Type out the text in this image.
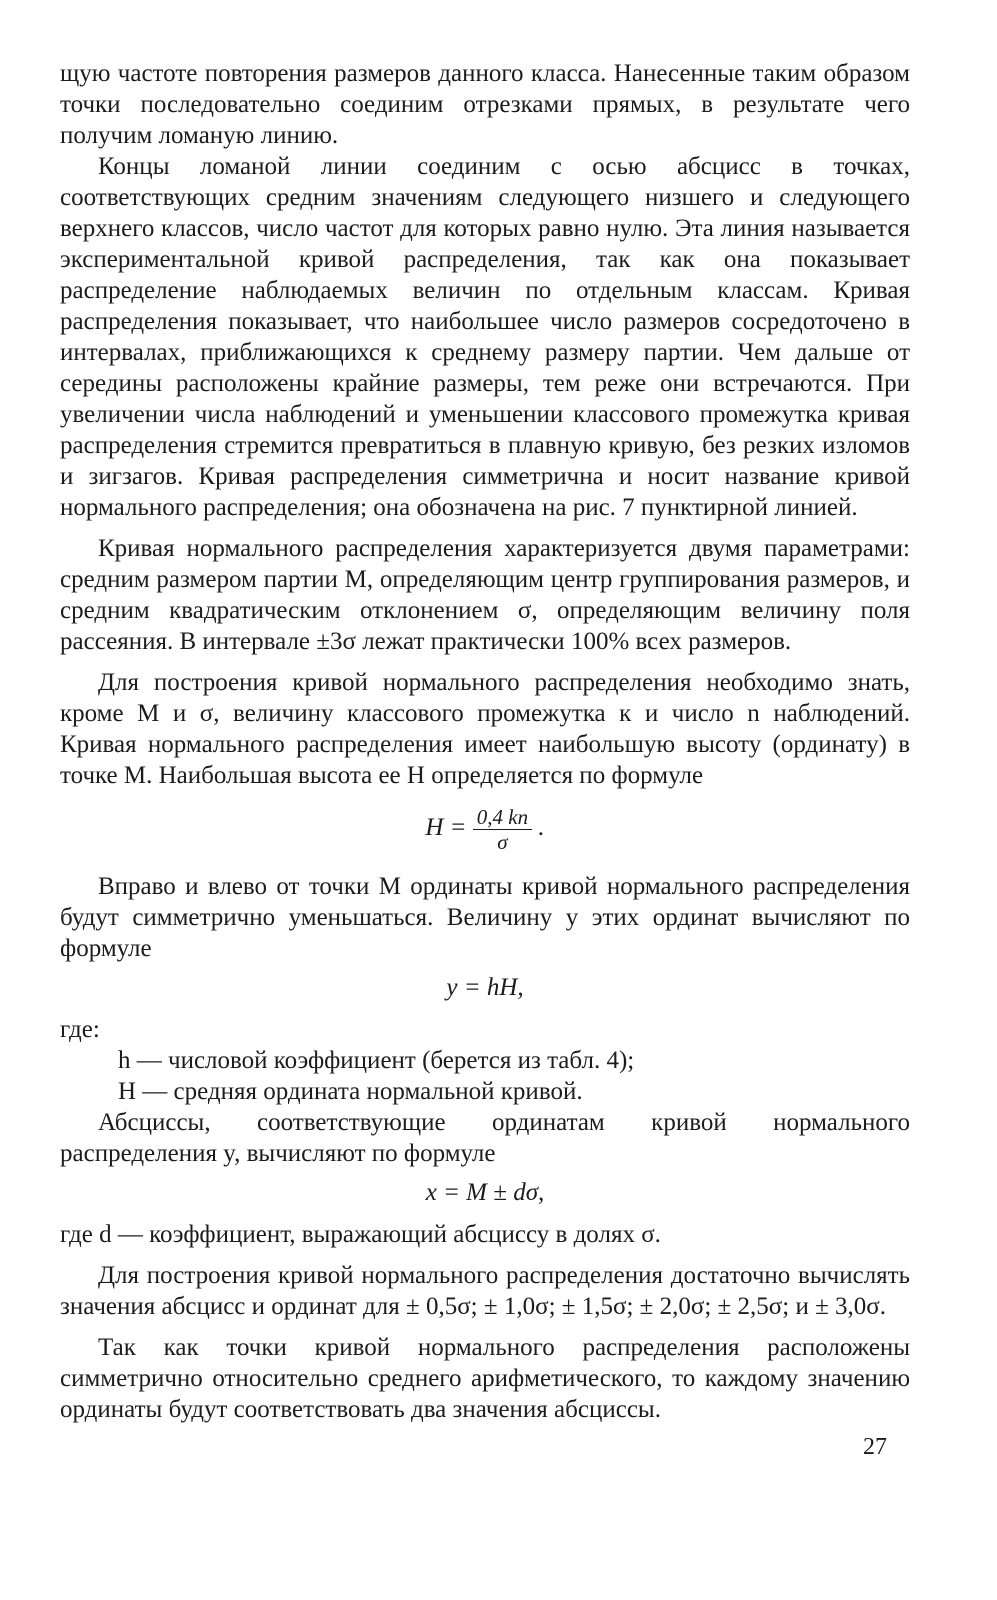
щую частоте повторения размеров данного класса. Нанесенные таким образом точки последовательно соединим отрезками прямых, в результате чего получим ломаную линию.

Концы ломаной линии соединим с осью абсцисс в точках, соответствующих средним значениям следующего низшего и следующего верхнего классов, число частот для которых равно нулю. Эта линия называется экспериментальной кривой распределения, так как она показывает распределение наблюдаемых величин по отдельным классам. Кривая распределения показывает, что наибольшее число размеров сосредоточено в интервалах, приближающихся к среднему размеру партии. Чем дальше от середины расположены крайние размеры, тем реже они встречаются. При увеличении числа наблюдений и уменьшении классового промежутка кривая распределения стремится превратиться в плавную кривую, без резких изломов и зигзагов. Кривая распределения симметрична и носит название кривой нормального распределения; она обозначена на рис. 7 пунктирной линией.

Кривая нормального распределения характеризуется двумя параметрами: средним размером партии M, определяющим центр группирования размеров, и средним квадратическим отклонением σ, определяющим величину поля рассеяния. В интервале ±3σ лежат практически 100% всех размеров.

Для построения кривой нормального распределения необходимо знать, кроме M и σ, величину классового промежутка к и число n наблюдений. Кривая нормального распределения имеет наибольшую высоту (ординату) в точке M. Наибольшая высота ее H определяется по формуле

$H = \frac{0,4 kn}{\sigma}$ .

Вправо и влево от точки M ординаты кривой нормального распределения будут симметрично уменьшаться. Величину y этих ординат вычисляют по формуле

y = hH,

где:

h — числовой коэффициент (берется из табл. 4);
H — средняя ордината нормальной кривой.

Абсциссы, соответствующие ординатам кривой нормального распределения y, вычисляют по формуле

x = M ± dσ,

где d — коэффициент, выражающий абсциссу в долях σ.

Для построения кривой нормального распределения достаточно вычислять значения абсцисс и ординат для ± 0,5σ; ± 1,0σ; ± 1,5σ; ± 2,0σ; ± 2,5σ; и ± 3,0σ.

Так как точки кривой нормального распределения расположены симметрично относительно среднего арифметического, то каждому значению ординаты будут соответствовать два значения абсциссы.

27
